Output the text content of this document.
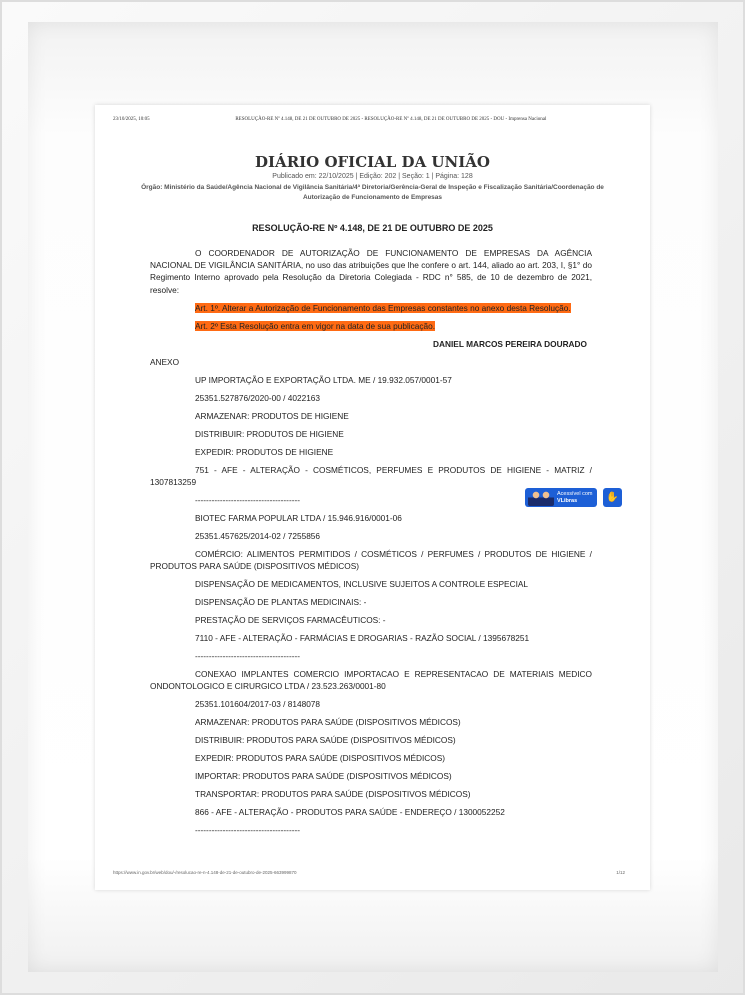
23/10/2025, 10:05	RESOLUÇÃO-RE Nº 4.148, DE 21 DE OUTUBRO DE 2025 - RESOLUÇÃO-RE Nº 4.148, DE 21 DE OUTUBRO DE 2025 - DOU - Imprensa Nacional
DIÁRIO OFICIAL DA UNIÃO
Publicado em: 22/10/2025 | Edição: 202 | Seção: 1 | Página: 128
Órgão: Ministério da Saúde/Agência Nacional de Vigilância Sanitária/4ª Diretoria/Gerência-Geral de Inspeção e Fiscalização Sanitária/Coordenação de Autorização de Funcionamento de Empresas
RESOLUÇÃO-RE Nº 4.148, DE 21 DE OUTUBRO DE 2025

O COORDENADOR DE AUTORIZAÇÃO DE FUNCIONAMENTO DE EMPRESAS DA AGÊNCIA NACIONAL DE VIGILÂNCIA SANITÁRIA, no uso das atribuições que lhe confere o art. 144, aliado ao art. 203, I, §1° do Regimento Interno aprovado pela Resolução da Diretoria Colegiada - RDC n° 585, de 10 de dezembro de 2021, resolve:

Art. 1º. Alterar a Autorização de Funcionamento das Empresas constantes no anexo desta Resolução.

Art. 2º Esta Resolução entra em vigor na data de sua publicação.

DANIEL MARCOS PEREIRA DOURADO

ANEXO

UP IMPORTAÇÃO E EXPORTAÇÃO LTDA. ME / 19.932.057/0001-57

25351.527876/2020-00 / 4022163

ARMAZENAR: PRODUTOS DE HIGIENE

DISTRIBUIR: PRODUTOS DE HIGIENE

EXPEDIR: PRODUTOS DE HIGIENE

751 - AFE - ALTERAÇÃO - COSMÉTICOS, PERFUMES E PRODUTOS DE HIGIENE - MATRIZ / 1307813259

--------------------------------------

BIOTEC FARMA POPULAR LTDA / 15.946.916/0001-06

25351.457625/2014-02 / 7255856

COMÉRCIO: ALIMENTOS PERMITIDOS / COSMÉTICOS / PERFUMES / PRODUTOS DE HIGIENE / PRODUTOS PARA SAÚDE (DISPOSITIVOS MÉDICOS)

DISPENSAÇÃO DE MEDICAMENTOS, INCLUSIVE SUJEITOS A CONTROLE ESPECIAL

DISPENSAÇÃO DE PLANTAS MEDICINAIS: -

PRESTAÇÃO DE SERVIÇOS FARMACÊUTICOS: -

7110 - AFE - ALTERAÇÃO - FARMÁCIAS E DROGARIAS - RAZÃO SOCIAL / 1395678251

--------------------------------------

CONEXAO IMPLANTES COMERCIO IMPORTACAO E REPRESENTACAO DE MATERIAIS MEDICO ONDONTOLOGICO E CIRURGICO LTDA / 23.523.263/0001-80

25351.101604/2017-03 / 8148078

ARMAZENAR: PRODUTOS PARA SAÚDE (DISPOSITIVOS MÉDICOS)

DISTRIBUIR: PRODUTOS PARA SAÚDE (DISPOSITIVOS MÉDICOS)

EXPEDIR: PRODUTOS PARA SAÚDE (DISPOSITIVOS MÉDICOS)

IMPORTAR: PRODUTOS PARA SAÚDE (DISPOSITIVOS MÉDICOS)

TRANSPORTAR: PRODUTOS PARA SAÚDE (DISPOSITIVOS MÉDICOS)

866 - AFE - ALTERAÇÃO - PRODUTOS PARA SAÚDE - ENDEREÇO / 1300052252

--------------------------------------

Acessível com
VLibras	✋
https://www.in.gov.br/web/dou/-/resolucao-re-n-4.148-de-21-de-outubro-de-2025-663999870	1/12
